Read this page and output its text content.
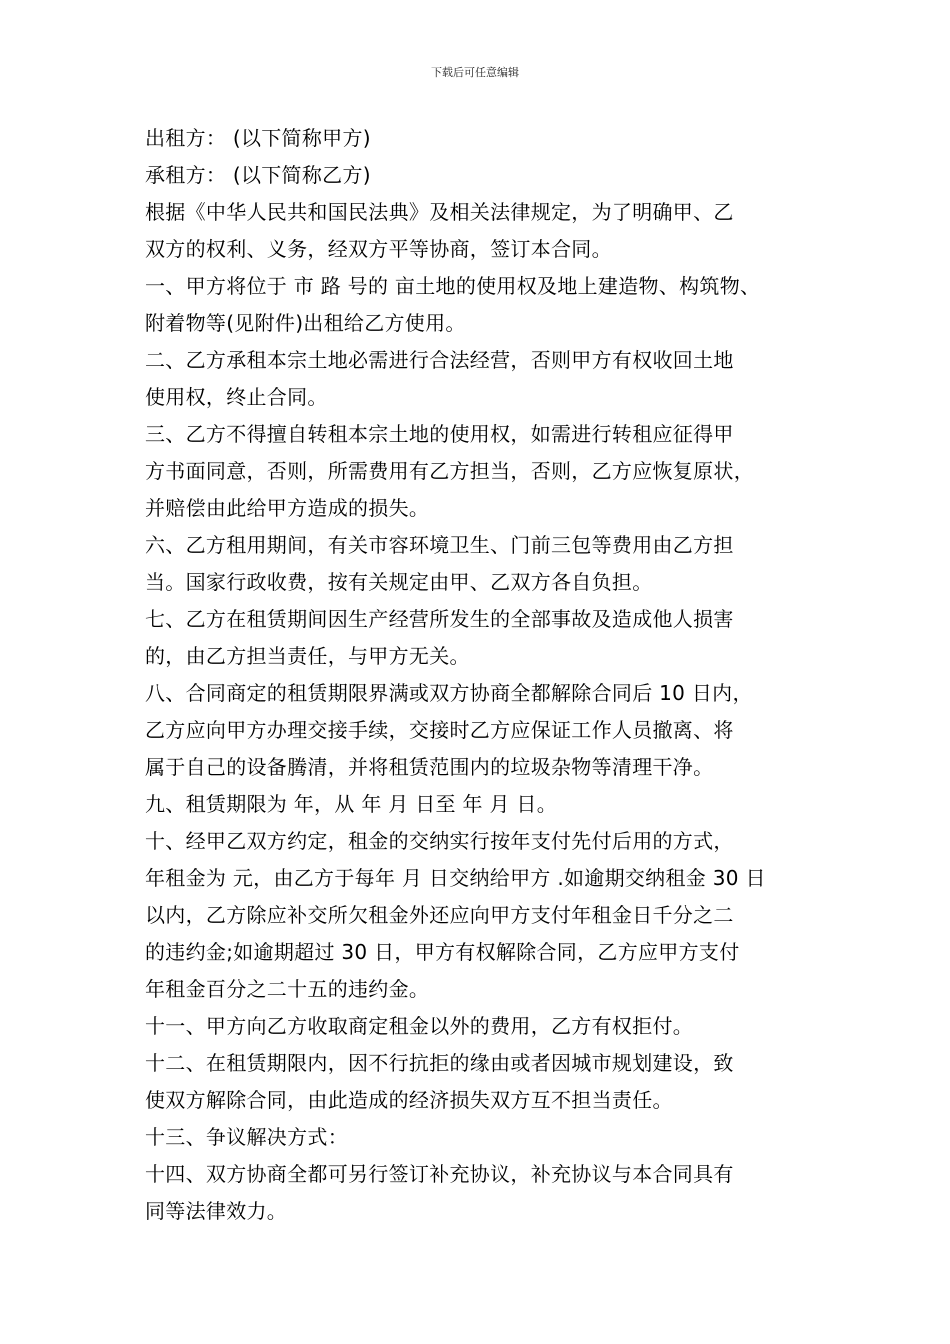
下载后可任意编辑
出租方： (以下简称甲方)
承租方： (以下简称乙方)
根据《中华人民共和国民法典》及相关法律规定，为了明确甲、乙
双方的权利、义务，经双方平等协商，签订本合同。
一、甲方将位于 市 路 号的 亩土地的使用权及地上建造物、构筑物、
附着物等(见附件)出租给乙方使用。
二、乙方承租本宗土地必需进行合法经营，否则甲方有权收回土地
使用权，终止合同。
三、乙方不得擅自转租本宗土地的使用权，如需进行转租应征得甲
方书面同意，否则，所需费用有乙方担当，否则，乙方应恢复原状，
并赔偿由此给甲方造成的损失。
六、乙方租用期间，有关市容环境卫生、门前三包等费用由乙方担
当。国家行政收费，按有关规定由甲、乙双方各自负担。
七、乙方在租赁期间因生产经营所发生的全部事故及造成他人损害
的，由乙方担当责任，与甲方无关。
八、合同商定的租赁期限界满或双方协商全都解除合同后 10 日内，
乙方应向甲方办理交接手续，交接时乙方应保证工作人员撤离、将
属于自己的设备腾清，并将租赁范围内的垃圾杂物等清理干净。
九、租赁期限为 年，从 年 月 日至 年 月 日。
十、经甲乙双方约定，租金的交纳实行按年支付先付后用的方式，
年租金为 元，由乙方于每年 月 日交纳给甲方 .如逾期交纳租金 30 日
以内，乙方除应补交所欠租金外还应向甲方支付年租金日千分之二
的违约金;如逾期超过 30 日，甲方有权解除合同，乙方应甲方支付
年租金百分之二十五的违约金。
十一、甲方向乙方收取商定租金以外的费用，乙方有权拒付。
十二、在租赁期限内，因不行抗拒的缘由或者因城市规划建设，致
使双方解除合同，由此造成的经济损失双方互不担当责任。
十三、争议解决方式：
十四、双方协商全都可另行签订补充协议，补充协议与本合同具有
同等法律效力。
